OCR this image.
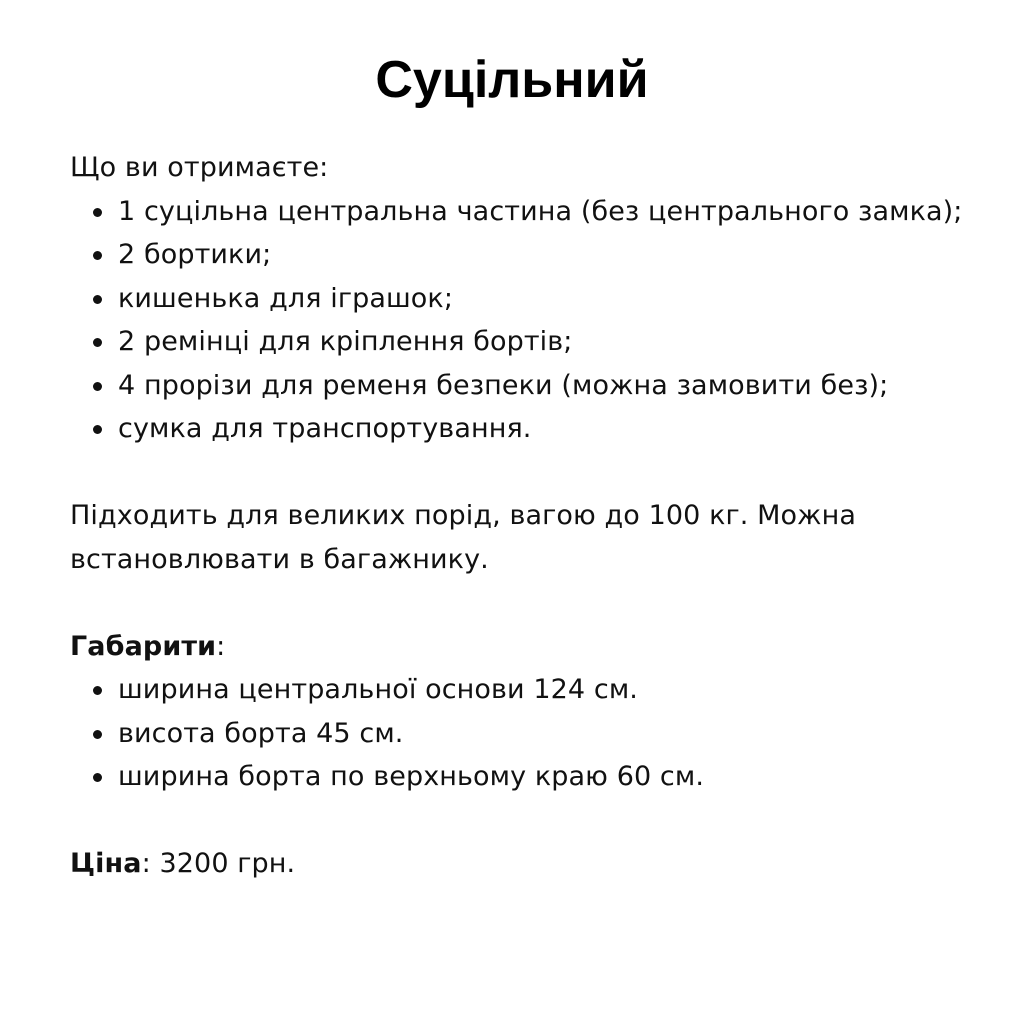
Суцільний

Що ви отримаєте:

1 суцільна центральна частина (без центрального замка);
2 бортики;
кишенька для іграшок;
2 ремінці для кріплення бортів;
4 прорізи для ременя безпеки (можна замовити без);
сумка для транспортування.

Підходить для великих порід, вагою до 100 кг. Можна встановлювати в багажнику.

Габарити:

ширина центральної основи 124 см.
висота борта 45 см.
ширина борта по верхньому краю 60 см.

Ціна: 3200 грн.
